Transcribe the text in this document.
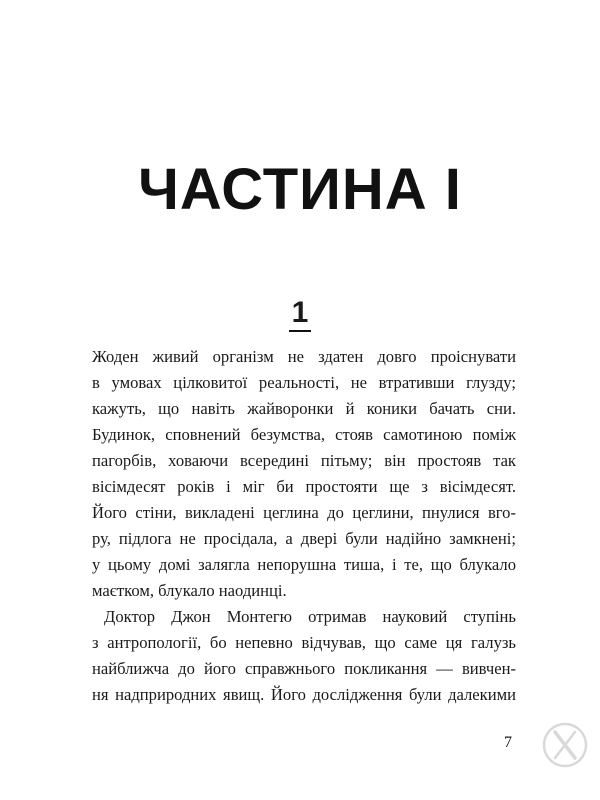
ЧАСТИНА I
1
Жоден живий організм не здатен довго проіснувати
в умовах цілковитої реальності, не втративши глузду;
кажуть, що навіть жайворонки й коники бачать сни.
Будинок, сповнений безумства, стояв самотиною поміж
пагорбів, ховаючи всередині пітьму; він простояв так
вісімдесят років і міг би простояти ще з вісімдесят.
Його стіни, викладені цеглина до цеглини, пнулися вго-
ру, підлога не просідала, а двері були надійно замкнені;
у цьому домі залягла непорушна тиша, і те, що блукало
маєтком, блукало наодинці.
Доктор Джон Монтегю отримав науковий ступінь
з антропології, бо непевно відчував, що саме ця галузь
найближча до його справжнього покликання — вивчен-
ня надприродних явищ. Його дослідження були далекими
7
